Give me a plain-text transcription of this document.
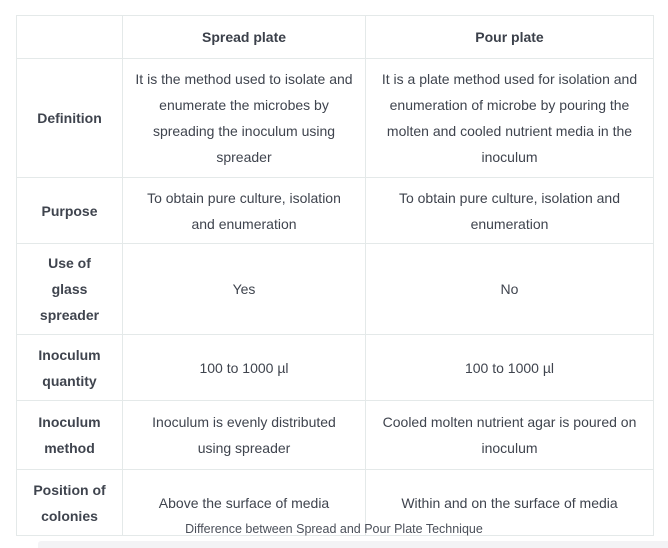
	Spread plate	Pour plate
Definition	It is the method used to isolate and enumerate the microbes by spreading the inoculum using spreader	It is a plate method used for isolation and enumeration of microbe by pouring the molten and cooled nutrient media in the inoculum
Purpose	To obtain pure culture, isolation and enumeration	To obtain pure culture, isolation and enumeration
Use of glass spreader	Yes	No
Inoculum quantity	100 to 1000 µl	100 to 1000 µl
Inoculum method	Inoculum is evenly distributed using spreader	Cooled molten nutrient agar is poured on inoculum
Position of colonies	Above the surface of media	Within and on the surface of media
Difference between Spread and Pour Plate Technique
